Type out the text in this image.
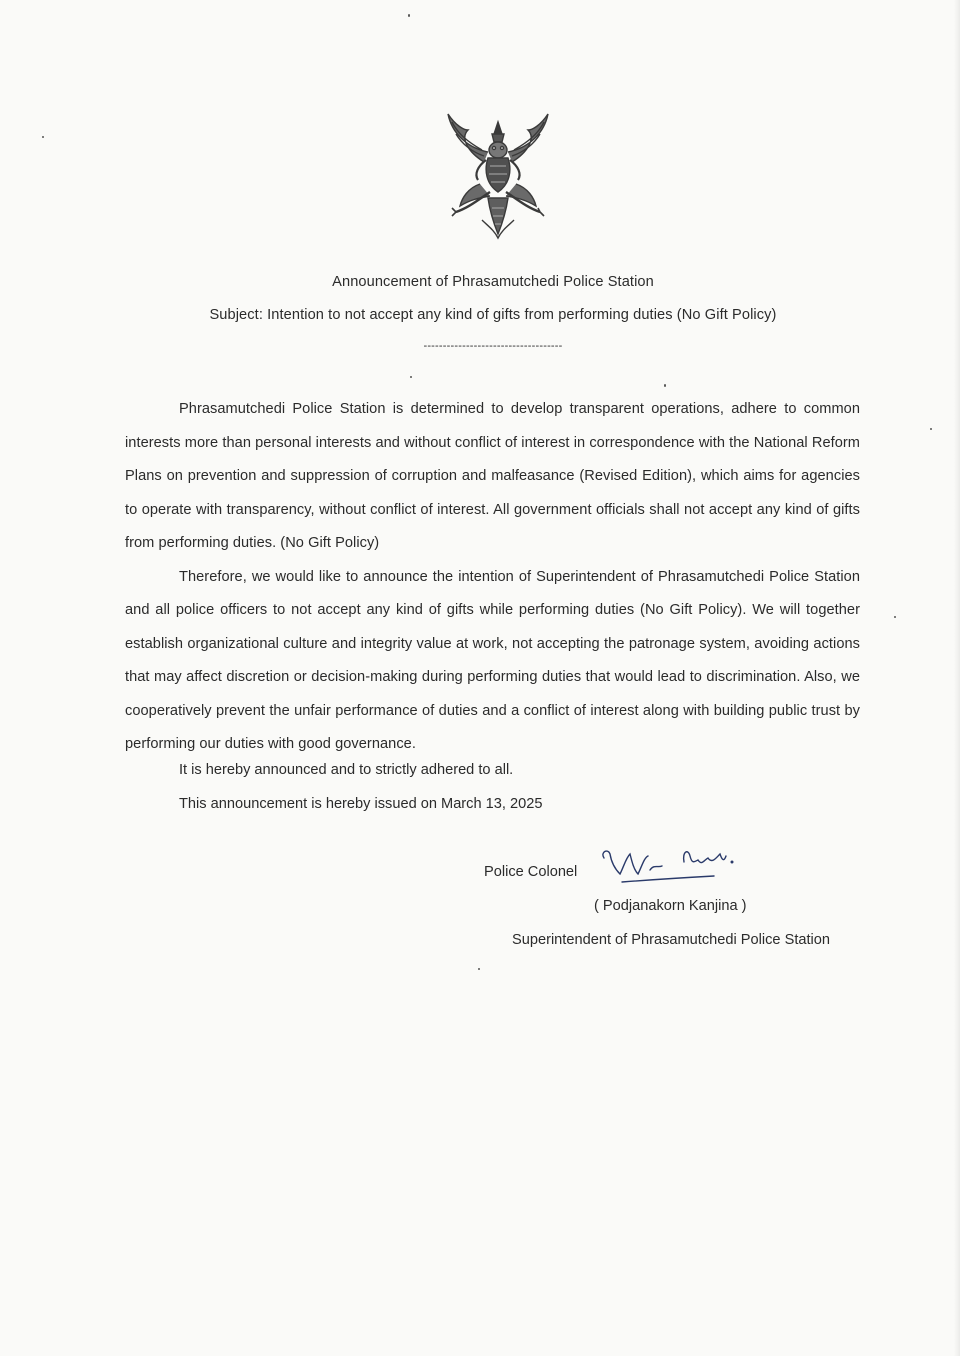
Announcement of Phrasamutchedi Police Station
Subject: Intention to not accept any kind of gifts from performing duties (No Gift Policy)
------------------------------------

Phrasamutchedi Police Station is determined to develop transparent operations, adhere to common interests more than personal interests and without conflict of interest in correspondence with the National Reform Plans on prevention and suppression of corruption and malfeasance (Revised Edition), which aims for agencies to operate with transparency, without conflict of interest. All government officials shall not accept any kind of gifts from performing duties. (No Gift Policy)

Therefore, we would like to announce the intention of Superintendent of Phrasamutchedi Police Station and all police officers to not accept any kind of gifts while performing duties (No Gift Policy). We will together establish organizational culture and integrity value at work, not accepting the patronage system, avoiding actions that may affect discretion or decision-making during performing duties that would lead to discrimination. Also, we cooperatively prevent the unfair performance of duties and a conflict of interest along with building public trust by performing our duties with good governance.

It is hereby announced and to strictly adhered to all.
This announcement is hereby issued on March 13, 2025
Police Colonel
( Podjanakorn Kanjina )
Superintendent of Phrasamutchedi Police Station
